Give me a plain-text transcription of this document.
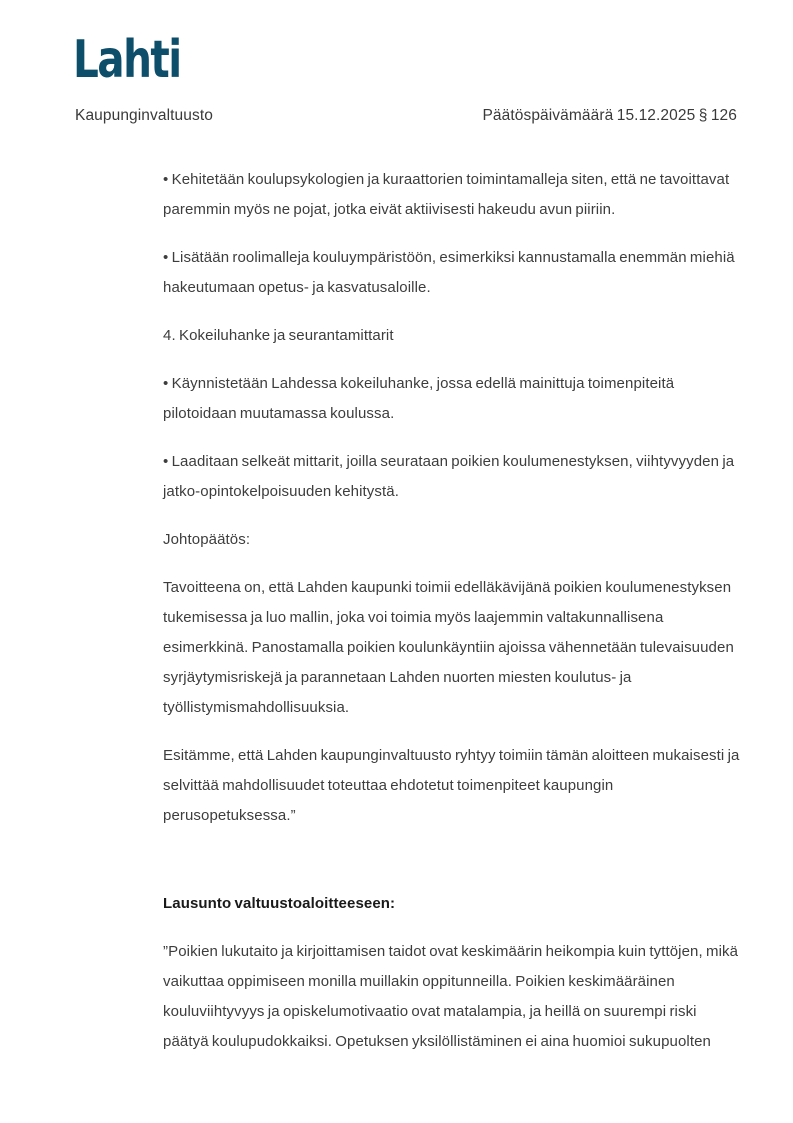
Lahti
Kaupunginvaltuusto	Päätöspäivämäärä 15.12.2025 § 126

• Kehitetään koulupsykologien ja kuraattorien toimintamalleja siten, että ne tavoittavat paremmin myös ne pojat, jotka eivät aktiivisesti hakeudu avun piiriin.

• Lisätään roolimalleja kouluympäristöön, esimerkiksi kannustamalla enemmän miehiä hakeutumaan opetus- ja kasvatusaloille.

4. Kokeiluhanke ja seurantamittarit

• Käynnistetään Lahdessa kokeiluhanke, jossa edellä mainittuja toimenpiteitä pilotoidaan muutamassa koulussa.

• Laaditaan selkeät mittarit, joilla seurataan poikien koulumenestyksen, viihtyvyyden ja jatko-opintokelpoisuuden kehitystä.

Johtopäätös:

Tavoitteena on, että Lahden kaupunki toimii edelläkävijänä poikien koulumenestyksen tukemisessa ja luo mallin, joka voi toimia myös laajemmin valtakunnallisena esimerkkinä. Panostamalla poikien koulunkäyntiin ajoissa vähennetään tulevaisuuden syrjäytymisriskejä ja parannetaan Lahden nuorten miesten koulutus- ja työllistymismahdollisuuksia.

Esitämme, että Lahden kaupunginvaltuusto ryhtyy toimiin tämän aloitteen mukaisesti ja selvittää mahdollisuudet toteuttaa ehdotetut toimenpiteet kaupungin perusopetuksessa.”

Lausunto valtuustoaloitteeseen:

”Poikien lukutaito ja kirjoittamisen taidot ovat keskimäärin heikompia kuin tyttöjen, mikä vaikuttaa oppimiseen monilla muillakin oppitunneilla. Poikien keskimääräinen kouluviihtyvyys ja opiskelumotivaatio ovat matalampia, ja heillä on suurempi riski päätyä koulupudokkaiksi. Opetuksen yksilöllistäminen ei aina huomioi sukupuolten
